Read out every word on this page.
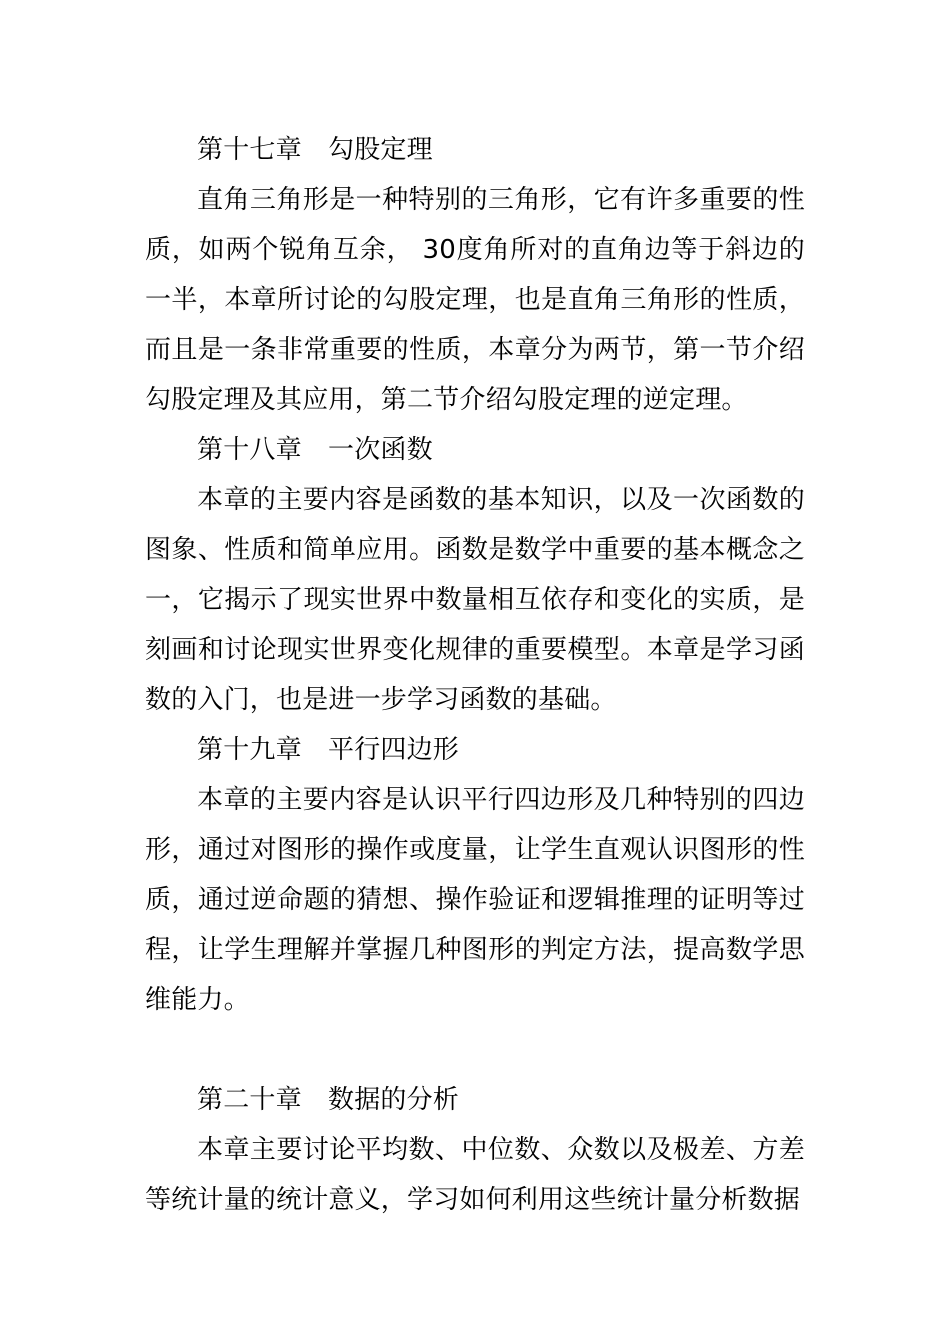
第十七章　勾股定理

直角三角形是一种特别的三角形，它有许多重要的性质，如两个锐角互余， 30度角所对的直角边等于斜边的一半，本章所讨论的勾股定理，也是直角三角形的性质，而且是一条非常重要的性质，本章分为两节，第一节介绍勾股定理及其应用，第二节介绍勾股定理的逆定理。

第十八章　一次函数

本章的主要内容是函数的基本知识，以及一次函数的图象、性质和简单应用。函数是数学中重要的基本概念之一，它揭示了现实世界中数量相互依存和变化的实质，是刻画和讨论现实世界变化规律的重要模型。本章是学习函数的入门，也是进一步学习函数的基础。

第十九章　平行四边形

本章的主要内容是认识平行四边形及几种特别的四边形，通过对图形的操作或度量，让学生直观认识图形的性质，通过逆命题的猜想、操作验证和逻辑推理的证明等过程，让学生理解并掌握几种图形的判定方法，提高数学思维能力。

第二十章　数据的分析

本章主要讨论平均数、中位数、众数以及极差、方差等统计量的统计意义，学习如何利用这些统计量分析数据
